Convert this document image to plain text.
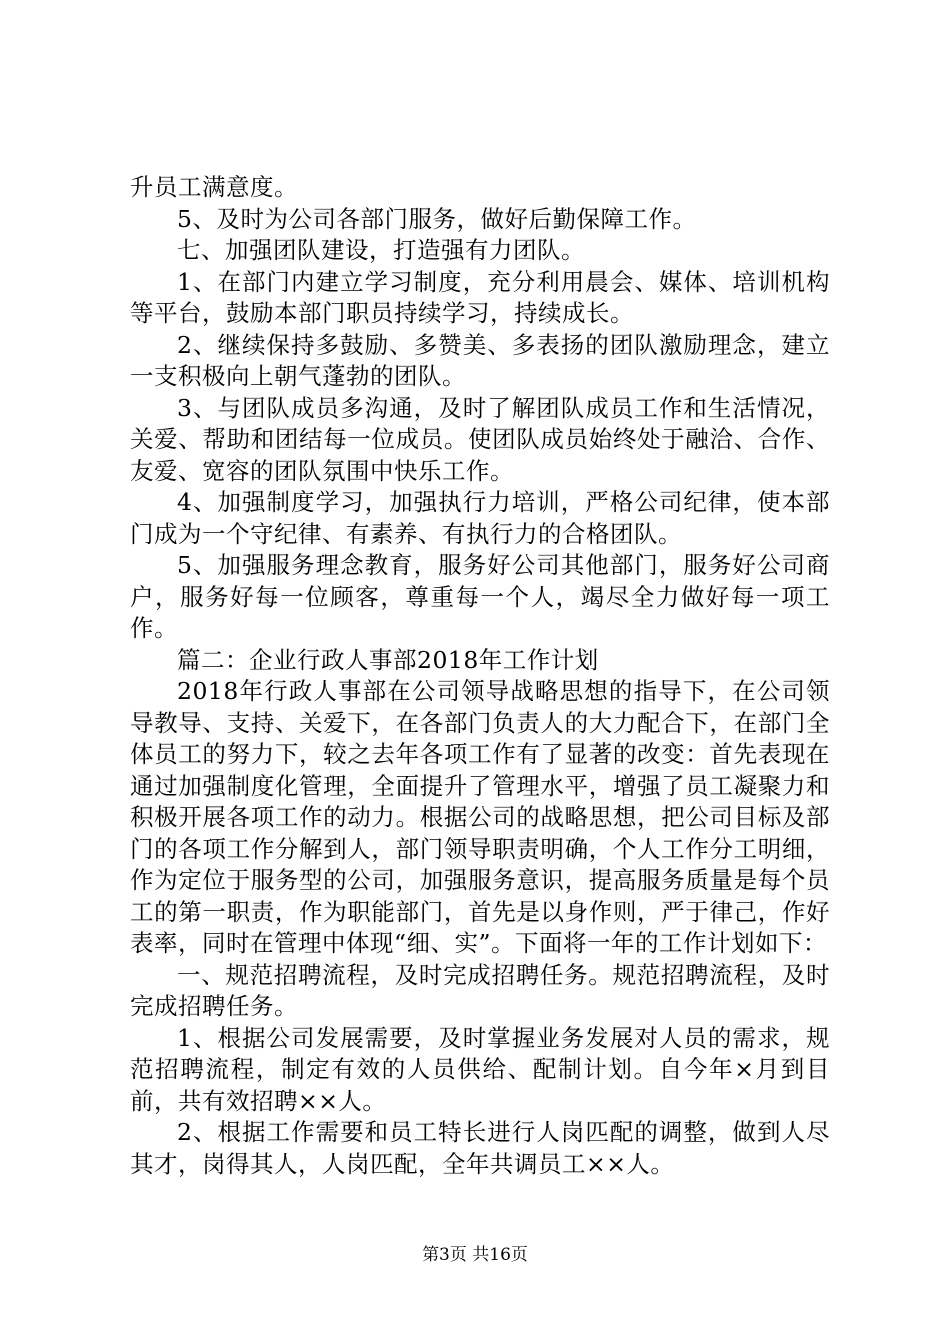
升员工满意度。

5、及时为公司各部门服务，做好后勤保障工作。

七、加强团队建设，打造强有力团队。

1、在部门内建立学习制度，充分利用晨会、媒体、培训机构等平台，鼓励本部门职员持续学习，持续成长。

2、继续保持多鼓励、多赞美、多表扬的团队激励理念，建立一支积极向上朝气蓬勃的团队。

3、与团队成员多沟通，及时了解团队成员工作和生活情况，关爱、帮助和团结每一位成员。使团队成员始终处于融洽、合作、友爱、宽容的团队氛围中快乐工作。

4、加强制度学习，加强执行力培训，严格公司纪律，使本部门成为一个守纪律、有素养、有执行力的合格团队。

5、加强服务理念教育，服务好公司其他部门，服务好公司商户，服务好每一位顾客，尊重每一个人，竭尽全力做好每一项工作。

篇二：企业行政人事部2018年工作计划

2018年行政人事部在公司领导战略思想的指导下，在公司领导教导、支持、关爱下，在各部门负责人的大力配合下，在部门全体员工的努力下，较之去年各项工作有了显著的改变：首先表现在通过加强制度化管理，全面提升了管理水平，增强了员工凝聚力和积极开展各项工作的动力。根据公司的战略思想，把公司目标及部门的各项工作分解到人，部门领导职责明确，个人工作分工明细，作为定位于服务型的公司，加强服务意识，提高服务质量是每个员工的第一职责，作为职能部门，首先是以身作则，严于律己，作好表率，同时在管理中体现“细、实”。下面将一年的工作计划如下：

一、规范招聘流程，及时完成招聘任务。规范招聘流程，及时完成招聘任务。

1、根据公司发展需要，及时掌握业务发展对人员的需求，规范招聘流程，制定有效的人员供给、配制计划。自今年×月到目前，共有效招聘××人。

2、根据工作需要和员工特长进行人岗匹配的调整，做到人尽其才，岗得其人，人岗匹配，全年共调员工××人。

第3页 共16页
